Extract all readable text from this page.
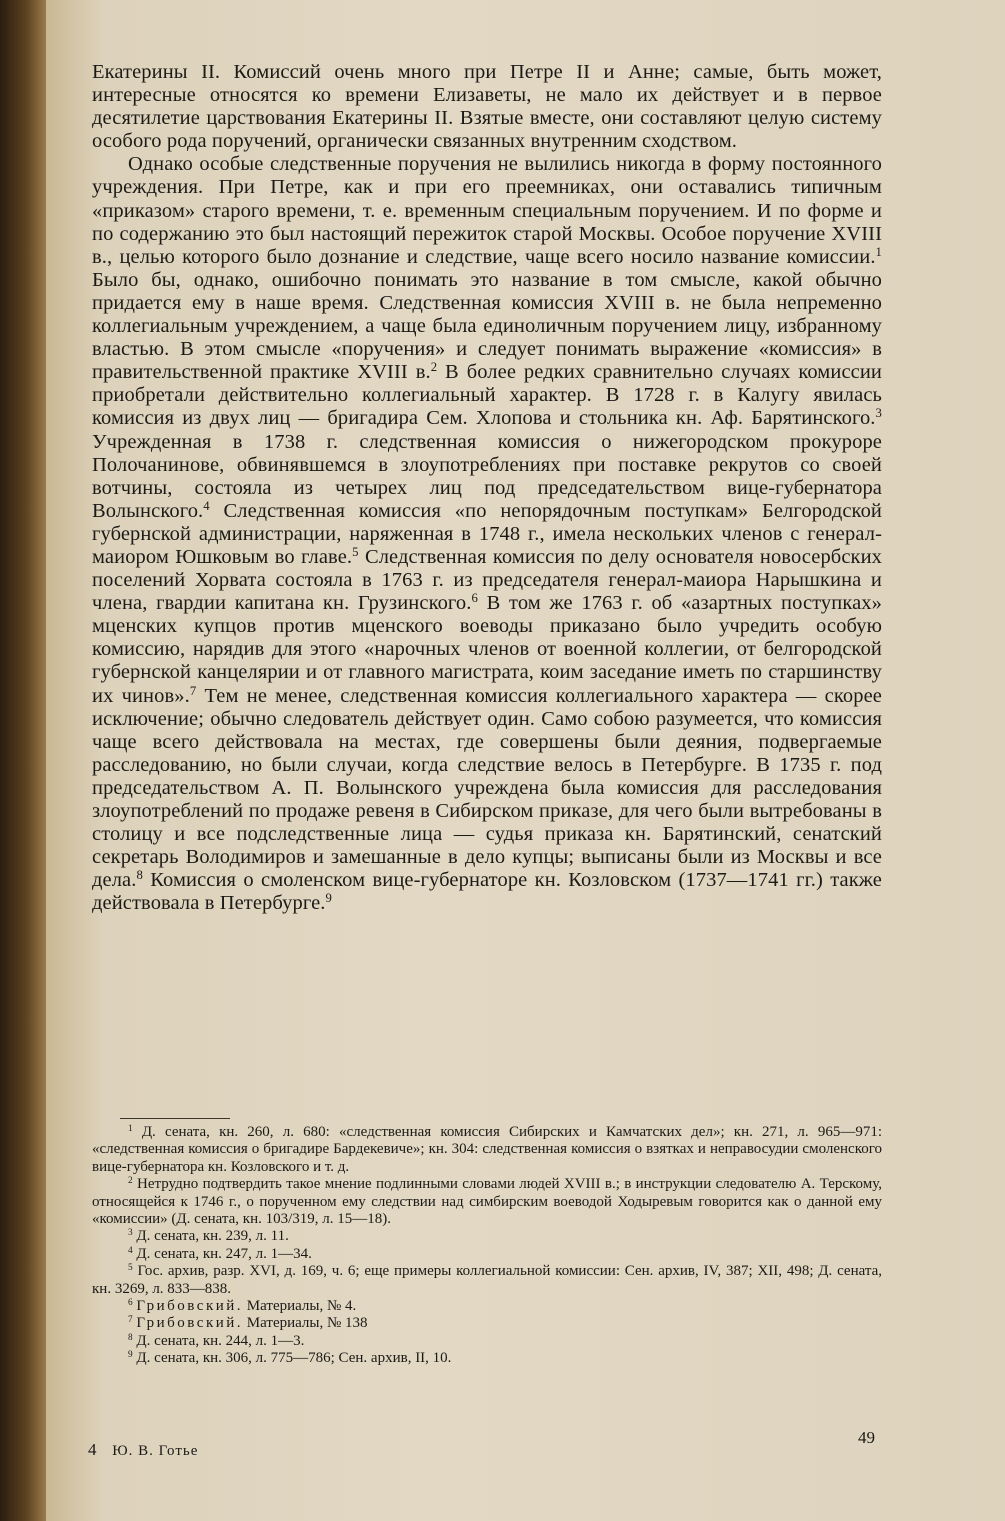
Екатерины II. Комиссий очень много при Петре II и Анне; самые, быть может, интересные относятся ко времени Елизаветы, не мало их действует и в первое десятилетие царствования Екатерины II. Взятые вместе, они составляют целую систему особого рода поручений, органически связанных внутренним сходством.

Однако особые следственные поручения не вылились никогда в форму постоянного учреждения. При Петре, как и при его преемниках, они оставались типичным «приказом» старого времени, т. е. временным специальным поручением. И по форме и по содержанию это был настоящий пережиток старой Москвы. Особое поручение XVIII в., целью которого было дознание и следствие, чаще всего носило название комиссии.$^1$ Было бы, однако, ошибочно понимать это название в том смысле, какой обычно придается ему в наше время. Следственная комиссия XVIII в. не была непременно коллегиальным учреждением, а чаще была единоличным поручением лицу, избранному властью. В этом смысле «поручения» и следует понимать выражение «комиссия» в правительственной практике XVIII в.$^2$ В более редких сравнительно случаях комиссии приобретали действительно коллегиальный характер. В 1728 г. в Калугу явилась комиссия из двух лиц — бригадира Сем. Хлопова и стольника кн. Аф. Барятинского.$^3$ Учрежденная в 1738 г. следственная комиссия о нижегородском прокуроре Полочанинове, обвинявшемся в злоупотреблениях при поставке рекрутов со своей вотчины, состояла из четырех лиц под председательством вице-губернатора Волынского.$^4$ Следственная комиссия «по непорядочным поступкам» Белгородской губернской администрации, наряженная в 1748 г., имела нескольких членов с генерал-маиором Юшковым во главе.$^5$ Следственная комиссия по делу основателя новосербских поселений Хорвата состояла в 1763 г. из председателя генерал-маиора Нарышкина и члена, гвардии капитана кн. Грузинского.$^6$ В том же 1763 г. об «азартных поступках» мценских купцов против мценского воеводы приказано было учредить особую комиссию, нарядив для этого «нарочных членов от военной коллегии, от белгородской губернской канцелярии и от главного магистрата, коим заседание иметь по старшинству их чинов».$^7$ Тем не менее, следственная комиссия коллегиального характера — скорее исключение; обычно следователь действует один. Само собою разумеется, что комиссия чаще всего действовала на местах, где совершены были деяния, подвергаемые расследованию, но были случаи, когда следствие велось в Петербурге. В 1735 г. под председательством А. П. Волынского учреждена была комиссия для расследования злоупотреблений по продаже ревеня в Сибирском приказе, для чего были вытребованы в столицу и все подследственные лица — судья приказа кн. Барятинский, сенатский секретарь Володимиров и замешанные в дело купцы; выписаны были из Москвы и все дела.$^8$ Комиссия о смоленском вице-губернаторе кн. Козловском (1737—1741 гг.) также действовала в Петербурге.$^9$

$^1$ Д. сената, кн. 260, л. 680: «следственная комиссия Сибирских и Камчатских дел»; кн. 271, л. 965—971: «следственная комиссия о бригадире Бардекевиче»; кн. 304: следственная комиссия о взятках и неправосудии смоленского вице-губернатора кн. Козловского и т. д.

$^2$ Нетрудно подтвердить такое мнение подлинными словами людей XVIII в.; в инструкции следователю А. Терскому, относящейся к 1746 г., о порученном ему следствии над симбирским воеводой Ходыревым говорится как о данной ему «комиссии» (Д. сената, кн. 103/319, л. 15—18).

$^3$ Д. сената, кн. 239, л. 11.

$^4$ Д. сената, кн. 247, л. 1—34.

$^5$ Гос. архив, разр. XVI, д. 169, ч. 6; еще примеры коллегиальной комиссии: Сен. архив, IV, 387; XII, 498; Д. сената, кн. 3269, л. 833—838.

$^6$ Грибовский. Материалы, № 4.

$^7$ Грибовский. Материалы, № 138

$^8$ Д. сената, кн. 244, л. 1—3.

$^9$ Д. сената, кн. 306, л. 775—786; Сен. архив, II, 10.

4 Ю. В. Готье
49
